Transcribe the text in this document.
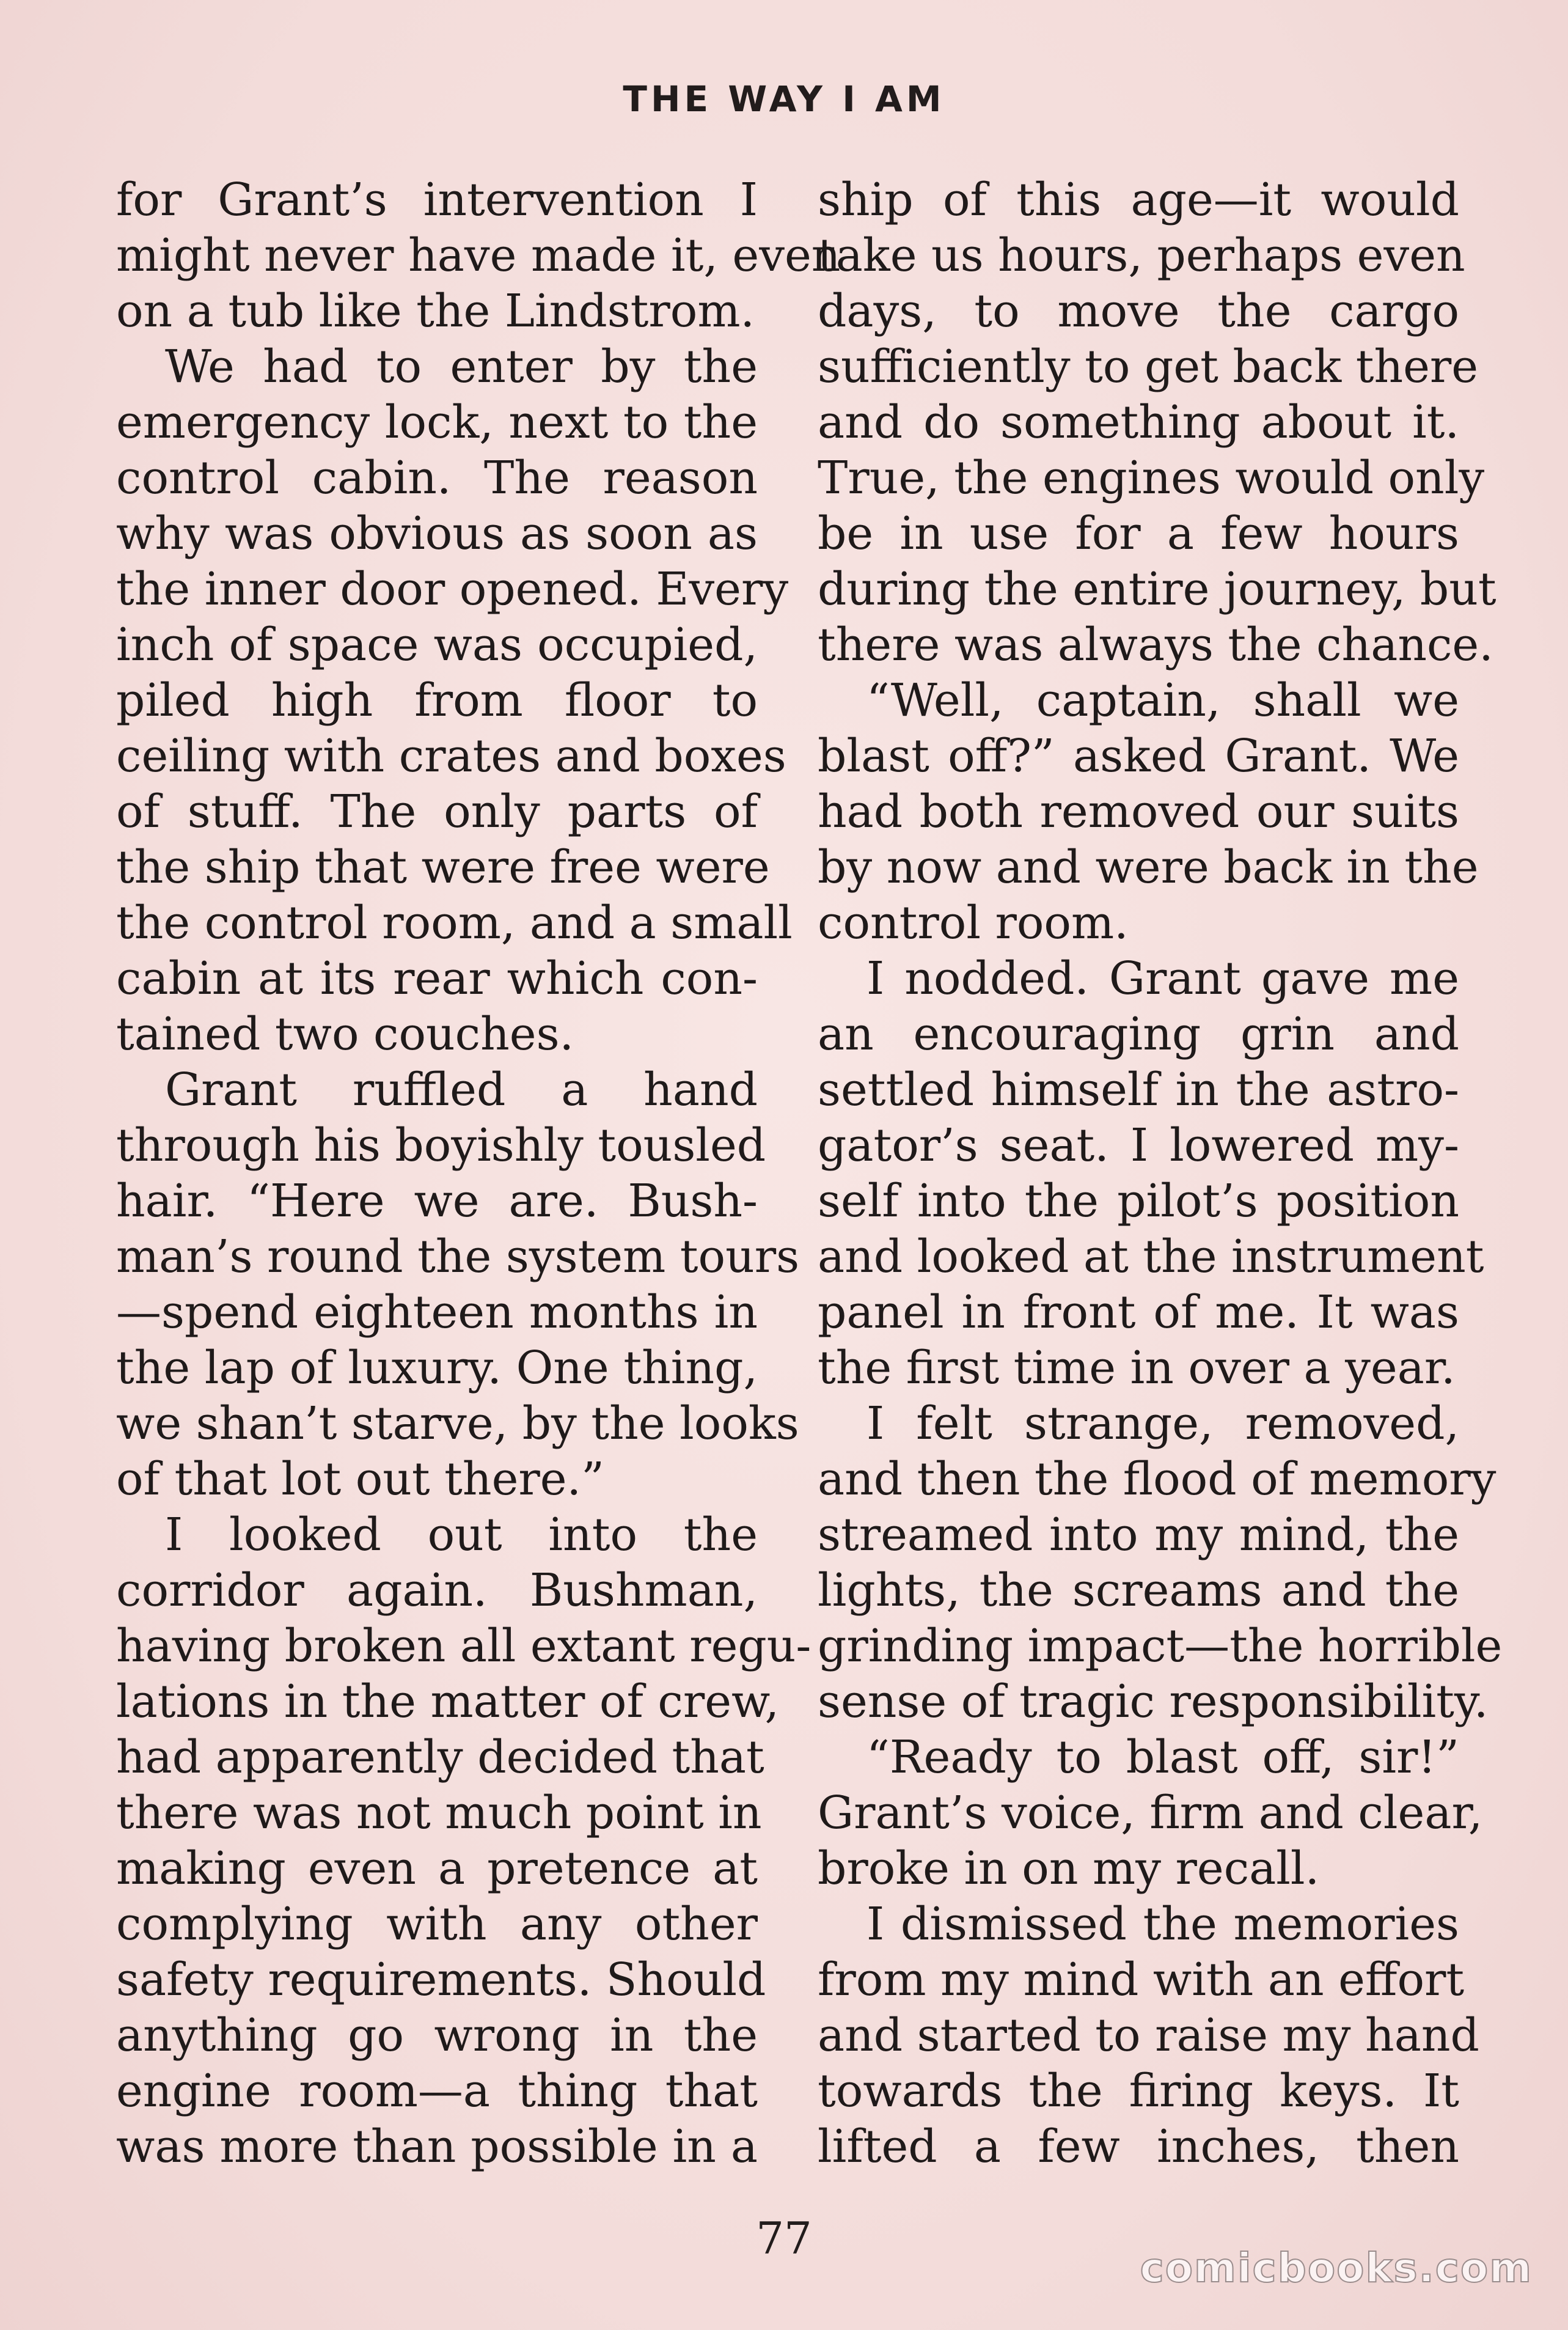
THE WAY I AM
for Grant’s intervention I
might never have made it, even
on a tub like the Lindstrom.
We had to enter by the
emergency lock, next to the
control cabin. The reason
why was obvious as soon as
the inner door opened. Every
inch of space was occupied,
piled high from floor to
ceiling with crates and boxes
of stuff. The only parts of
the ship that were free were
the control room, and a small
cabin at its rear which con-
tained two couches.
Grant ruffled a hand
through his boyishly tousled
hair. “Here we are. Bush-
man’s round the system tours
—spend eighteen months in
the lap of luxury. One thing,
we shan’t starve, by the looks
of that lot out there.”
I looked out into the
corridor again. Bushman,
having broken all extant regu-
lations in the matter of crew,
had apparently decided that
there was not much point in
making even a pretence at
complying with any other
safety requirements. Should
anything go wrong in the
engine room—a thing that
was more than possible in a
ship of this age—it would
take us hours, perhaps even
days, to move the cargo
sufficiently to get back there
and do something about it.
True, the engines would only
be in use for a few hours
during the entire journey, but
there was always the chance.
“Well, captain, shall we
blast off?” asked Grant. We
had both removed our suits
by now and were back in the
control room.
I nodded. Grant gave me
an encouraging grin and
settled himself in the astro-
gator’s seat. I lowered my-
self into the pilot’s position
and looked at the instrument
panel in front of me. It was
the first time in over a year.
I felt strange, removed,
and then the flood of memory
streamed into my mind, the
lights, the screams and the
grinding impact—the horrible
sense of tragic responsibility.
“Ready to blast off, sir!”
Grant’s voice, firm and clear,
broke in on my recall.
I dismissed the memories
from my mind with an effort
and started to raise my hand
towards the firing keys. It
lifted a few inches, then
77
comicbooks.com
